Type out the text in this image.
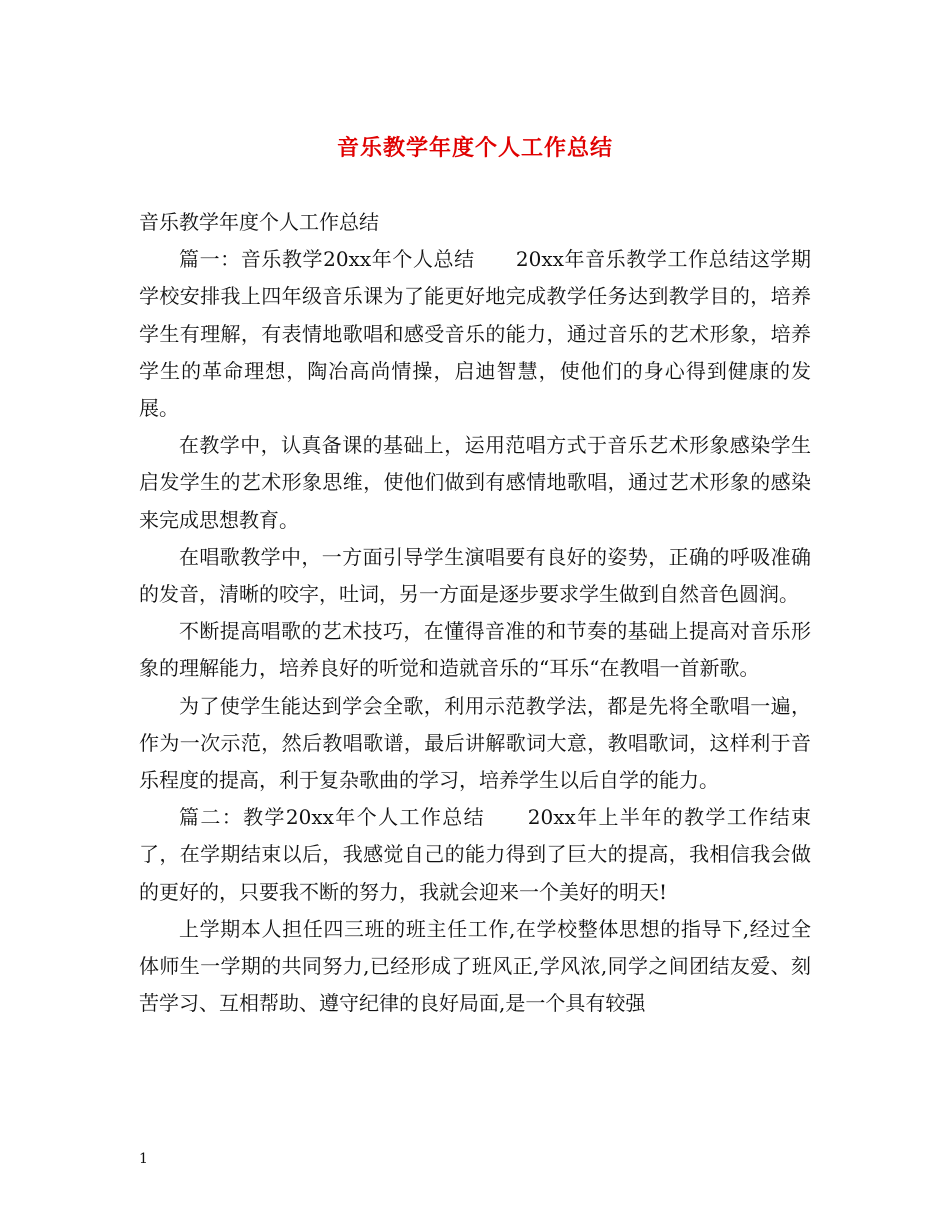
音乐教学年度个人工作总结

音乐教学年度个人工作总结

篇一：音乐教学20xx年个人总结　　20xx年音乐教学工作总结这学期学校安排我上四年级音乐课为了能更好地完成教学任务达到教学目的，培养学生有理解，有表情地歌唱和感受音乐的能力，通过音乐的艺术形象，培养学生的革命理想，陶冶高尚情操，启迪智慧，使他们的身心得到健康的发展。

在教学中，认真备课的基础上，运用范唱方式于音乐艺术形象感染学生启发学生的艺术形象思维，使他们做到有感情地歌唱，通过艺术形象的感染来完成思想教育。

在唱歌教学中，一方面引导学生演唱要有良好的姿势，正确的呼吸准确的发音，清晰的咬字，吐词，另一方面是逐步要求学生做到自然音色圆润。

不断提高唱歌的艺术技巧，在懂得音准的和节奏的基础上提高对音乐形象的理解能力，培养良好的听觉和造就音乐的“耳乐“在教唱一首新歌。

为了使学生能达到学会全歌，利用示范教学法，都是先将全歌唱一遍，作为一次示范，然后教唱歌谱，最后讲解歌词大意，教唱歌词，这样利于音乐程度的提高，利于复杂歌曲的学习，培养学生以后自学的能力。

篇二：教学20xx年个人工作总结　　20xx年上半年的教学工作结束了，在学期结束以后，我感觉自己的能力得到了巨大的提高，我相信我会做的更好的，只要我不断的努力，我就会迎来一个美好的明天!

上学期本人担任四三班的班主任工作,在学校整体思想的指导下,经过全体师生一学期的共同努力,已经形成了班风正,学风浓,同学之间团结友爱、刻苦学习、互相帮助、遵守纪律的良好局面,是一个具有较强

1
